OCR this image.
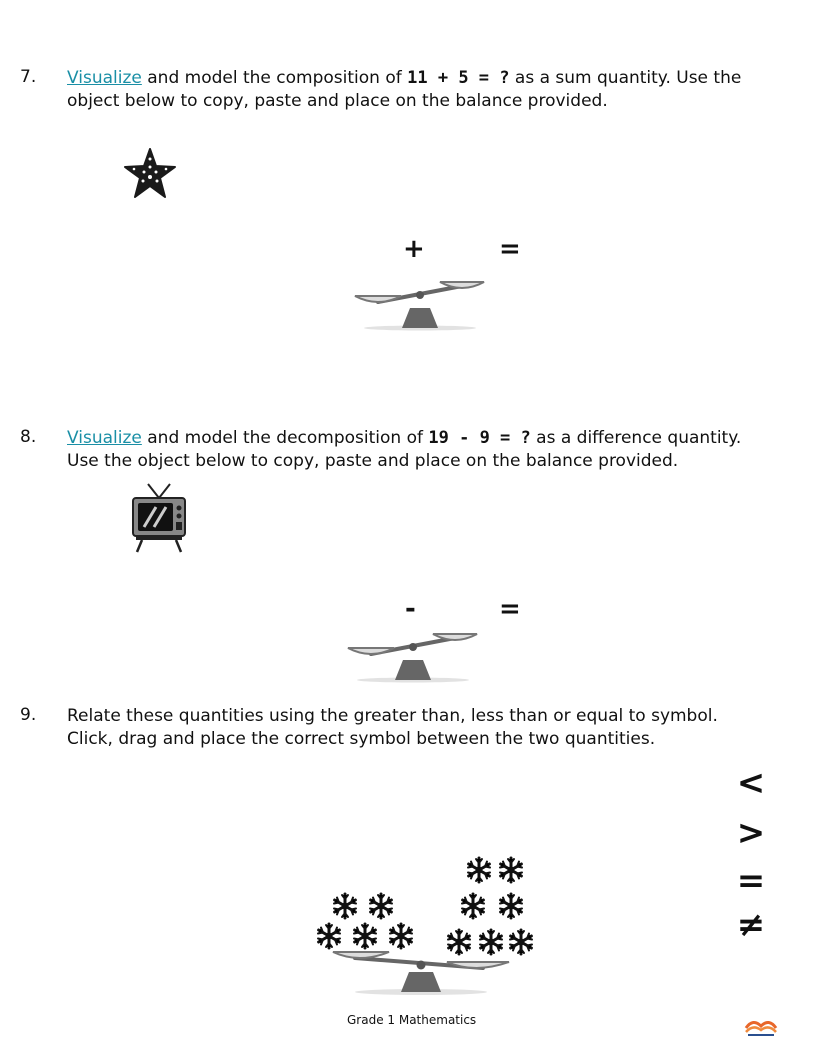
7. Visualize and model the composition of 11 + 5 = ? as a sum quantity. Use the
object below to copy, paste and place on the balance provided.
+	=
8. Visualize and model the decomposition of 19 - 9 = ? as a difference quantity.
Use the object below to copy, paste and place on the balance provided.
-	=
9. Relate these quantities using the greater than, less than or equal to symbol.
Click, drag and place the correct symbol between the two quantities.
<
>
=
≠
Grade 1 Mathematics
